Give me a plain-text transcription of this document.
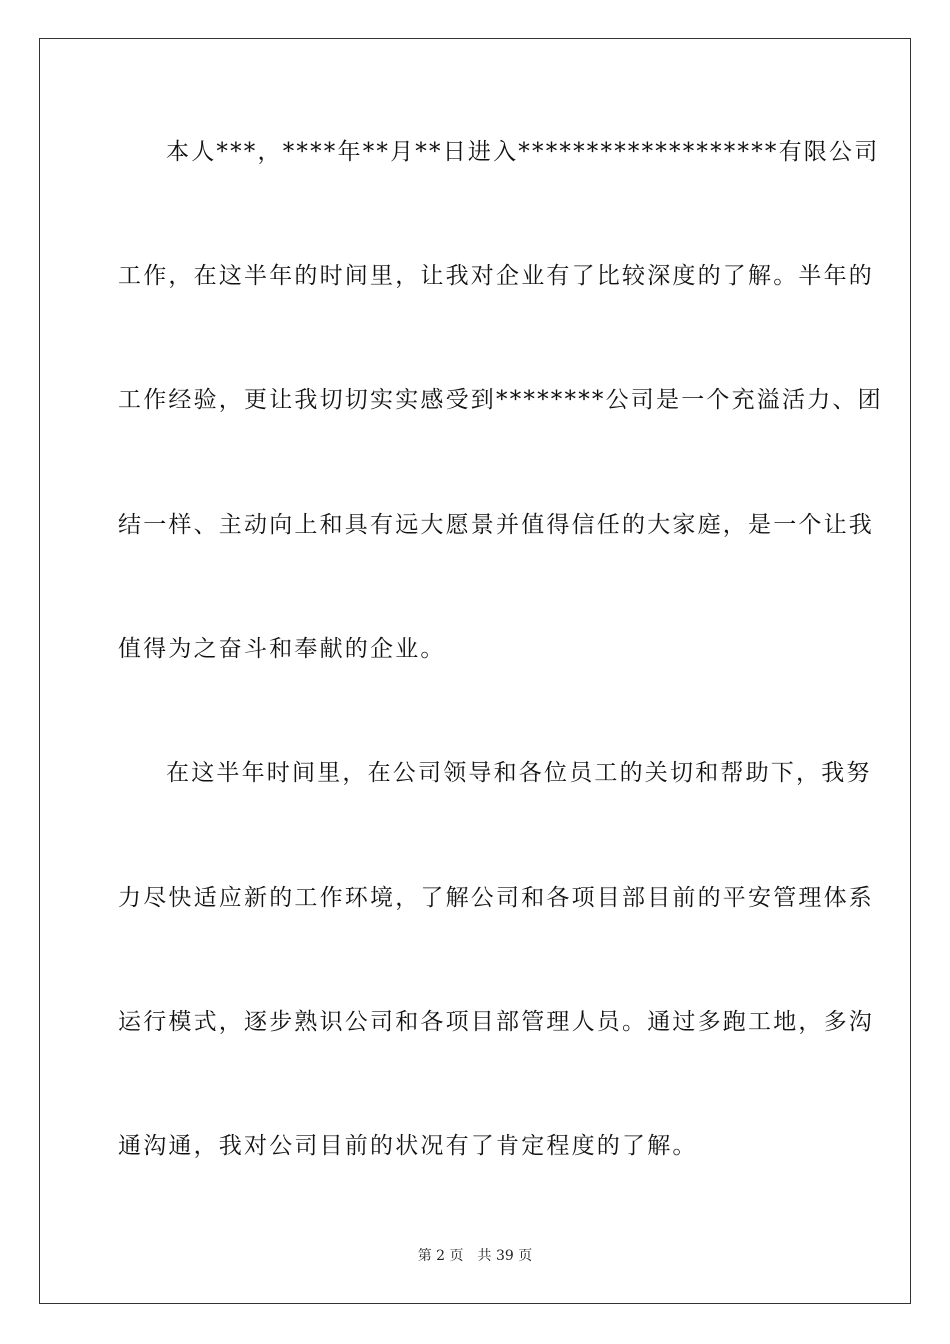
本人***，****年**月**日进入*******************有限公司
工作，在这半年的时间里，让我对企业有了比较深度的了解。半年的
工作经验，更让我切切实实感受到********公司是一个充溢活力、团
结一样、主动向上和具有远大愿景并值得信任的大家庭，是一个让我
值得为之奋斗和奉献的企业。
在这半年时间里，在公司领导和各位员工的关切和帮助下，我努
力尽快适应新的工作环境，了解公司和各项目部目前的平安管理体系
运行模式，逐步熟识公司和各项目部管理人员。通过多跑工地，多沟
通沟通，我对公司目前的状况有了肯定程度的了解。
第 2 页　共 39 页
